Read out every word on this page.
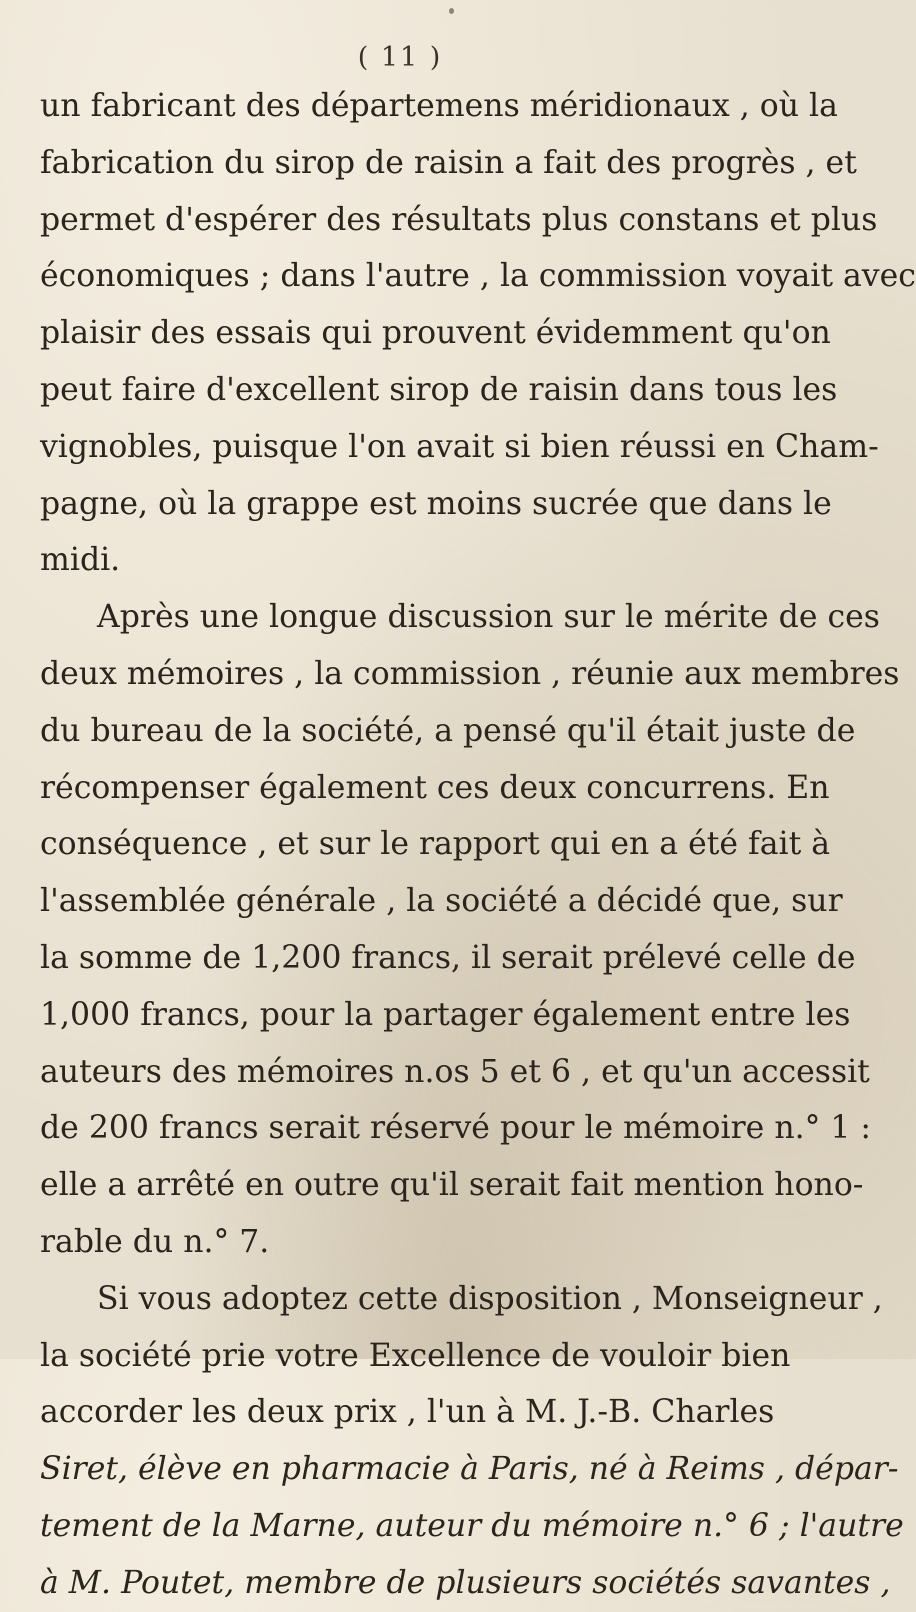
( 11 )
un fabricant des départemens méridionaux , où la
fabrication du sirop de raisin a fait des progrès , et
permet d'espérer des résultats plus constans et plus
économiques ; dans l'autre , la commission voyait avec
plaisir des essais qui prouvent évidemment qu'on
peut faire d'excellent sirop de raisin dans tous les
vignobles, puisque l'on avait si bien réussi en Cham-
pagne, où la grappe est moins sucrée que dans le
midi.
Après une longue discussion sur le mérite de ces
deux mémoires , la commission , réunie aux membres
du bureau de la société, a pensé qu'il était juste de
récompenser également ces deux concurrens. En
conséquence , et sur le rapport qui en a été fait à
l'assemblée générale , la société a décidé que, sur
la somme de 1,200 francs, il serait prélevé celle de
1,000 francs, pour la partager également entre les
auteurs des mémoires n.os 5 et 6 , et qu'un accessit
de 200 francs serait réservé pour le mémoire n.° 1 :
elle a arrêté en outre qu'il serait fait mention hono-
rable du n.° 7.
Si vous adoptez cette disposition , Monseigneur ,
la société prie votre Excellence de vouloir bien
accorder les deux prix , l'un à M. J.-B. Charles
Siret, élève en pharmacie à Paris, né à Reims , dépar-
tement de la Marne, auteur du mémoire n.° 6 ; l'autre
à M. Poutet, membre de plusieurs sociétés savantes ,
